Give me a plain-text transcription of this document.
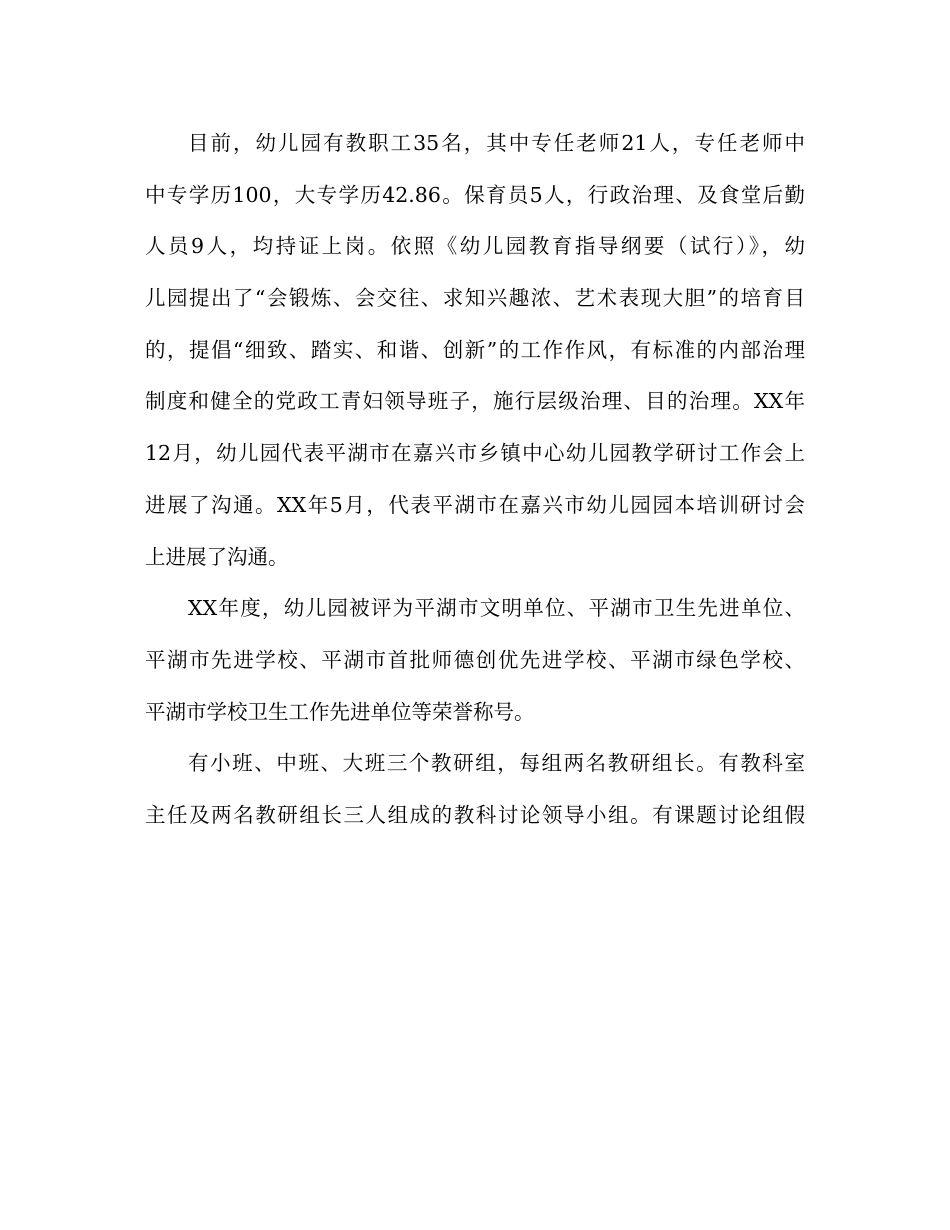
目前，幼儿园有教职工35名，其中专任老师21人，专任老师中
中专学历100，大专学历42.86。保育员5人，行政治理、及食堂后勤
人员9人，均持证上岗。依照《幼儿园教育指导纲要（试行）》，幼
儿园提出了“会锻炼、会交往、求知兴趣浓、艺术表现大胆”的培育目
的，提倡“细致、踏实、和谐、创新”的工作作风，有标准的内部治理
制度和健全的党政工青妇领导班子，施行层级治理、目的治理。XX年
12月，幼儿园代表平湖市在嘉兴市乡镇中心幼儿园教学研讨工作会上
进展了沟通。XX年5月，代表平湖市在嘉兴市幼儿园园本培训研讨会
上进展了沟通。
XX年度，幼儿园被评为平湖市文明单位、平湖市卫生先进单位、
平湖市先进学校、平湖市首批师德创优先进学校、平湖市绿色学校、
平湖市学校卫生工作先进单位等荣誉称号。
有小班、中班、大班三个教研组，每组两名教研组长。有教科室
主任及两名教研组长三人组成的教科讨论领导小组。有课题讨论组假
